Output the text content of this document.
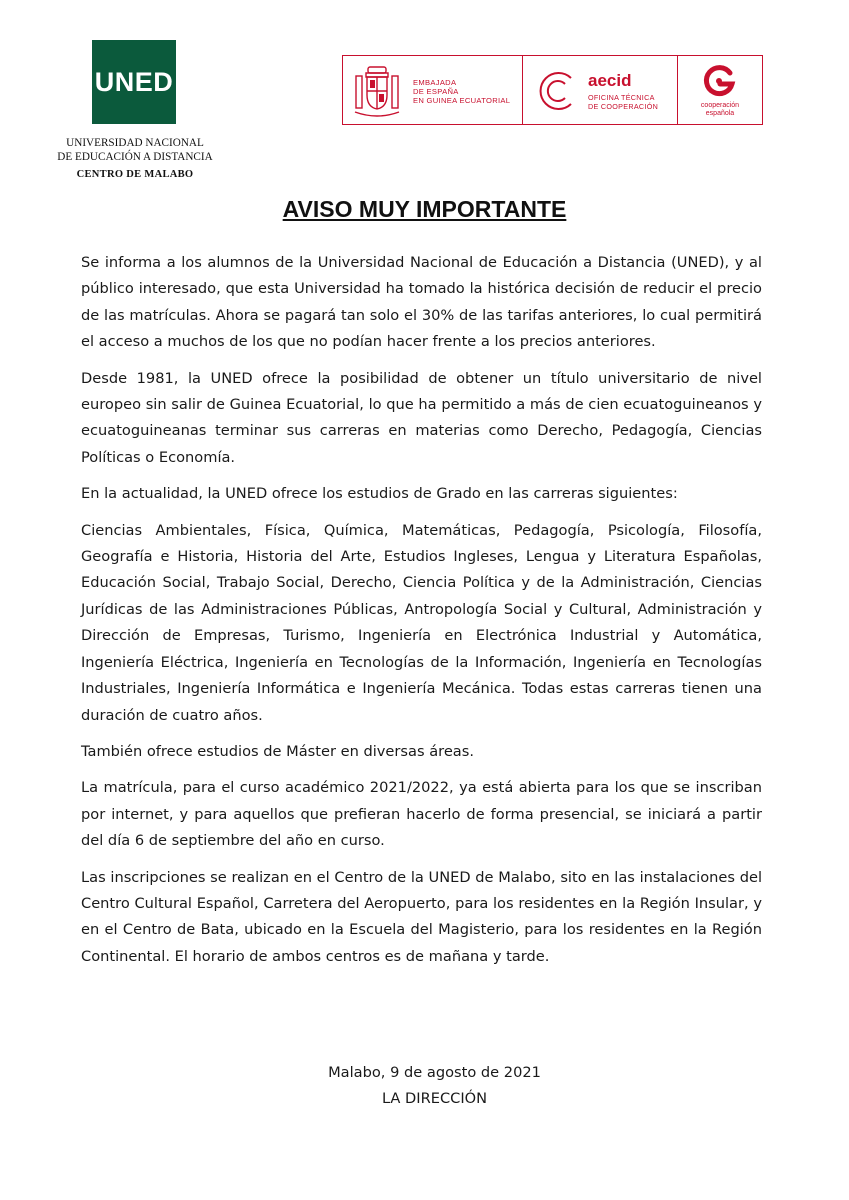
UNED
UNIVERSIDAD NACIONAL
DE EDUCACIÓN A DISTANCIA
CENTRO DE MALABO
EMBAJADA
DE ESPAÑA
EN GUINEA ECUATORIAL
aecid
OFICINA TÉCNICA
DE COOPERACIÓN	cooperación
española
AVISO MUY IMPORTANTE

Se informa a los alumnos de la Universidad Nacional de Educación a Distancia (UNED), y al público interesado, que esta Universidad ha tomado la histórica decisión de reducir el precio de las matrículas. Ahora se pagará tan solo el 30% de las tarifas anteriores, lo cual permitirá el acceso a muchos de los que no podían hacer frente a los precios anteriores.

Desde 1981, la UNED ofrece la posibilidad de obtener un título universitario de nivel europeo sin salir de Guinea Ecuatorial, lo que ha permitido a más de cien ecuatoguineanos y ecuatoguineanas terminar sus carreras en materias como Derecho, Pedagogía, Ciencias Políticas o Economía.

En la actualidad, la UNED ofrece los estudios de Grado en las carreras siguientes:

Ciencias Ambientales, Física, Química, Matemáticas, Pedagogía, Psicología, Filosofía, Geografía e Historia, Historia del Arte, Estudios Ingleses, Lengua y Literatura Españolas, Educación Social, Trabajo Social, Derecho, Ciencia Política y de la Administración, Ciencias Jurídicas de las Administraciones Públicas, Antropología Social y Cultural, Administración y Dirección de Empresas, Turismo, Ingeniería en Electrónica Industrial y Automática, Ingeniería Eléctrica, Ingeniería en Tecnologías de la Información, Ingeniería en Tecnologías Industriales, Ingeniería Informática e Ingeniería Mecánica. Todas estas carreras tienen una duración de cuatro años.

También ofrece estudios de Máster en diversas áreas.

La matrícula, para el curso académico 2021/2022, ya está abierta para los que se inscriban por internet, y para aquellos que prefieran hacerlo de forma presencial, se iniciará a partir del día 6 de septiembre del año en curso.

Las inscripciones se realizan en el Centro de la UNED de Malabo, sito en las instalaciones del Centro Cultural Español, Carretera del Aeropuerto, para los residentes en la Región Insular, y en el Centro de Bata, ubicado en la Escuela del Magisterio, para los residentes en la Región Continental. El horario de ambos centros es de mañana y tarde.

Malabo, 9 de agosto de 2021
LA DIRECCIÓN
